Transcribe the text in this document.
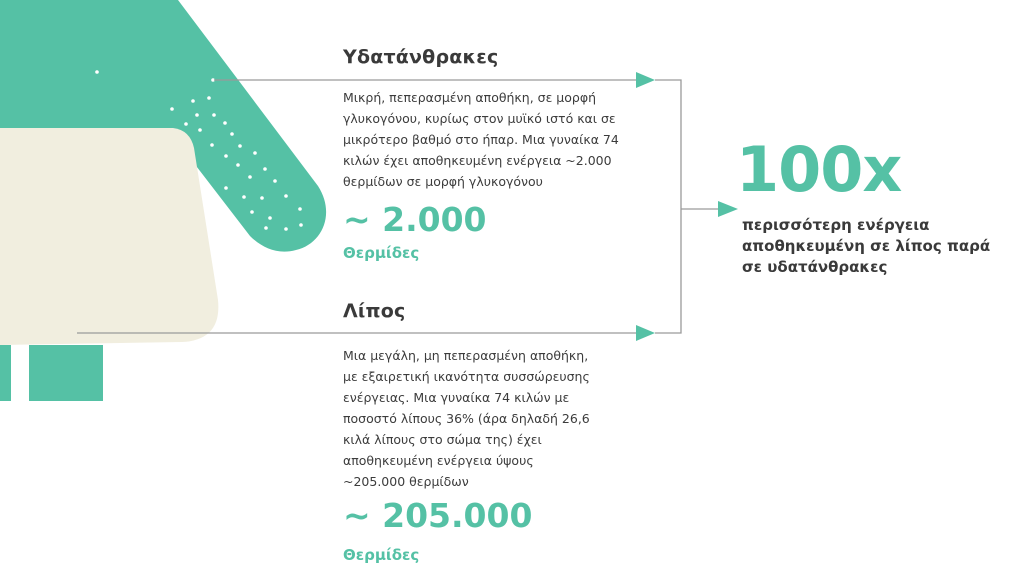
Υδατάνθρακες

Μικρή, πεπερασμένη αποθήκη, σε μορφή
γλυκογόνου, κυρίως στον μυϊκό ιστό και σε
μικρότερο βαθμό στο ήπαρ. Μια γυναίκα 74
κιλών έχει αποθηκευμένη ενέργεια ~2.000
θερμίδων σε μορφή γλυκογόνου

~ 2.000

Θερμίδες

Λίπος

Μια μεγάλη, μη πεπερασμένη αποθήκη,
με εξαιρετική ικανότητα συσσώρευσης
ενέργειας. Μια γυναίκα 74 κιλών με
ποσοστό λίπους 36% (άρα δηλαδή 26,6
κιλά λίπους στο σώμα της) έχει
αποθηκευμένη ενέργεια ύψους
~205.000 θερμίδων

~ 205.000

Θερμίδες

100x

περισσότερη ενέργεια
αποθηκευμένη σε λίπος παρά
σε υδατάνθρακες
